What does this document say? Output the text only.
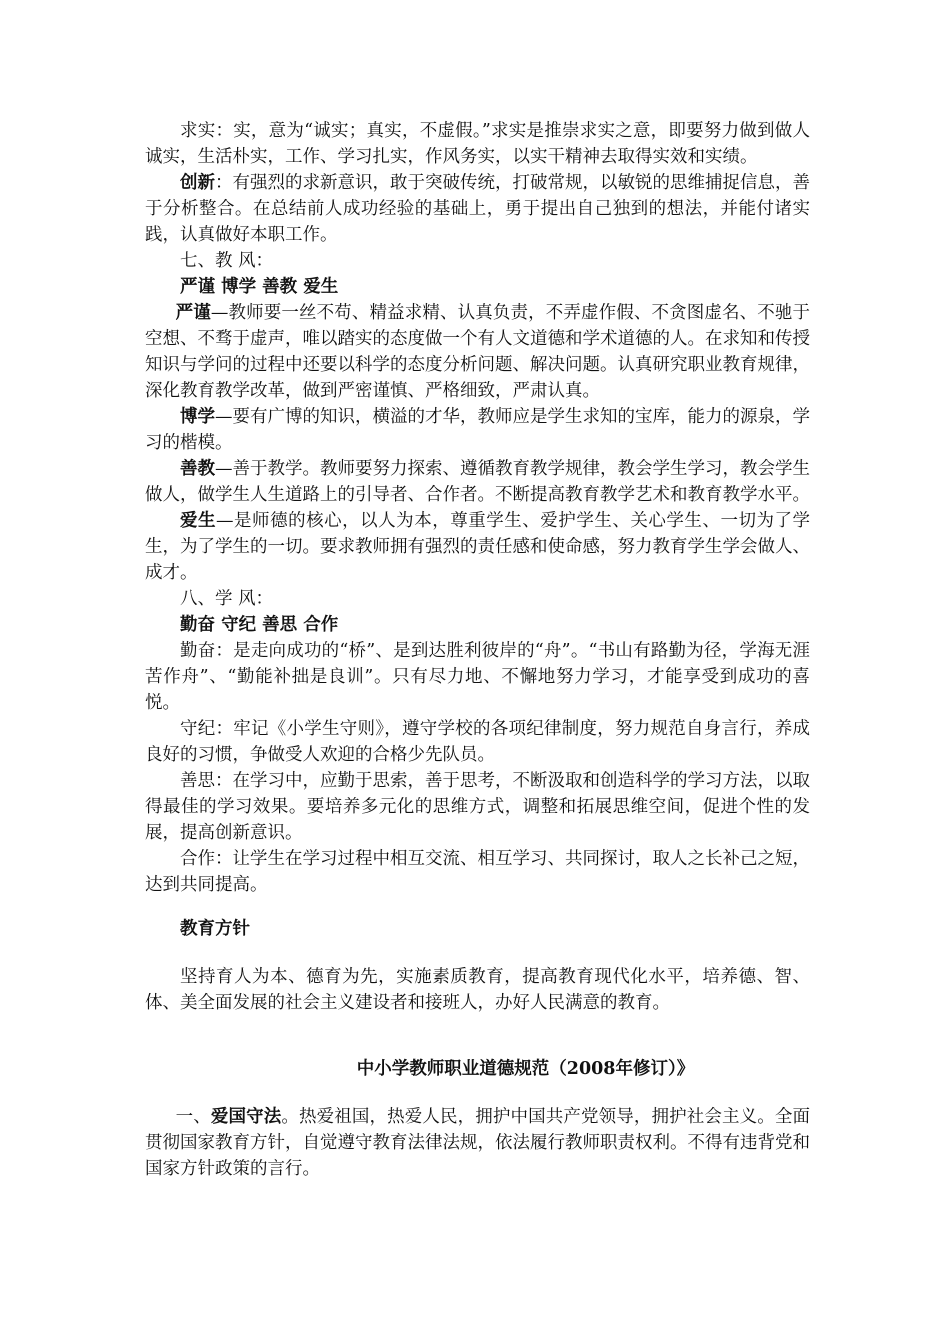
求实：实，意为“诚实；真实，不虚假。”求实是推崇求实之意，即要努力做到做人诚实，生活朴实，工作、学习扎实，作风务实，以实干精神去取得实效和实绩。

创新：有强烈的求新意识，敢于突破传统，打破常规，以敏锐的思维捕捉信息，善于分析整合。在总结前人成功经验的基础上，勇于提出自己独到的想法，并能付诸实践，认真做好本职工作。

七、教 风：

严谨 博学 善教 爱生

严谨—教师要一丝不苟、精益求精、认真负责，不弄虚作假、不贪图虚名、不驰于空想、不骛于虚声，唯以踏实的态度做一个有人文道德和学术道德的人。在求知和传授知识与学问的过程中还要以科学的态度分析问题、解决问题。认真研究职业教育规律，深化教育教学改革，做到严密谨慎、严格细致，严肃认真。

博学—要有广博的知识，横溢的才华，教师应是学生求知的宝库，能力的源泉，学习的楷模。

善教—善于教学。教师要努力探索、遵循教育教学规律，教会学生学习，教会学生做人，做学生人生道路上的引导者、合作者。不断提高教育教学艺术和教育教学水平。

爱生—是师德的核心，以人为本，尊重学生、爱护学生、关心学生、一切为了学生，为了学生的一切。要求教师拥有强烈的责任感和使命感，努力教育学生学会做人、成才。

八、学 风：

勤奋 守纪 善思 合作

勤奋：是走向成功的“桥”、是到达胜利彼岸的“舟”。“书山有路勤为径，学海无涯苦作舟”、“勤能补拙是良训”。只有尽力地、不懈地努力学习，才能享受到成功的喜悦。

守纪：牢记《小学生守则》，遵守学校的各项纪律制度，努力规范自身言行，养成良好的习惯，争做受人欢迎的合格少先队员。

善思：在学习中，应勤于思索，善于思考，不断汲取和创造科学的学习方法，以取得最佳的学习效果。要培养多元化的思维方式，调整和拓展思维空间，促进个性的发展，提高创新意识。

合作：让学生在学习过程中相互交流、相互学习、共同探讨，取人之长补己之短，达到共同提高。

教育方针

坚持育人为本、德育为先，实施素质教育，提高教育现代化水平，培养德、智、体、美全面发展的社会主义建设者和接班人，办好人民满意的教育。

中小学教师职业道德规范（2008年修订）》

一、爱国守法。热爱祖国，热爱人民，拥护中国共产党领导，拥护社会主义。全面贯彻国家教育方针，自觉遵守教育法律法规，依法履行教师职责权利。不得有违背党和国家方针政策的言行。
